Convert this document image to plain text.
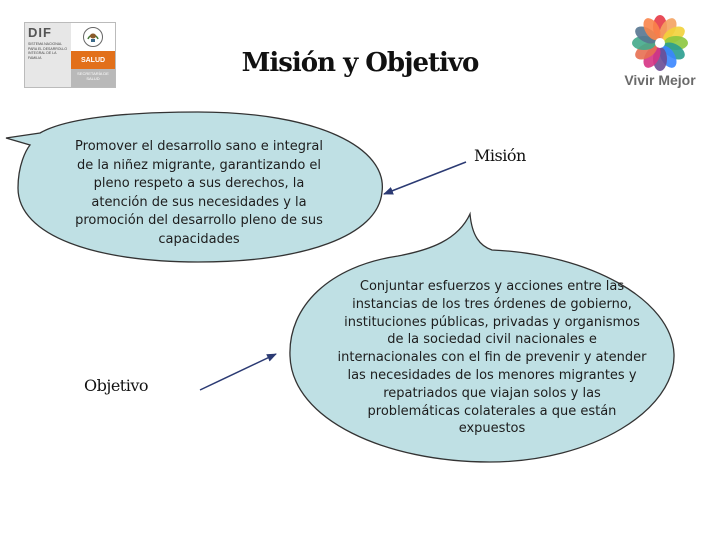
DIF
SISTEMA NACIONAL PARA EL DESARROLLO INTEGRAL DE LA FAMILIA	SALUD
SECRETARÍA DE SALUD
Misión y Objetivo
Vivir Mejor
Promover el desarrollo sano e integral de la niñez migrante, garantizando el pleno respeto a sus derechos, la atención de sus necesidades y la promoción del desarrollo pleno de sus capacidades
Misión
Conjuntar esfuerzos y acciones entre las instancias de los tres órdenes de gobierno, instituciones públicas, privadas y organismos de la sociedad civil nacionales e internacionales con el fin de prevenir y atender las necesidades de los menores migrantes y repatriados que viajan solos y las problemáticas colaterales a que están expuestos
Objetivo
